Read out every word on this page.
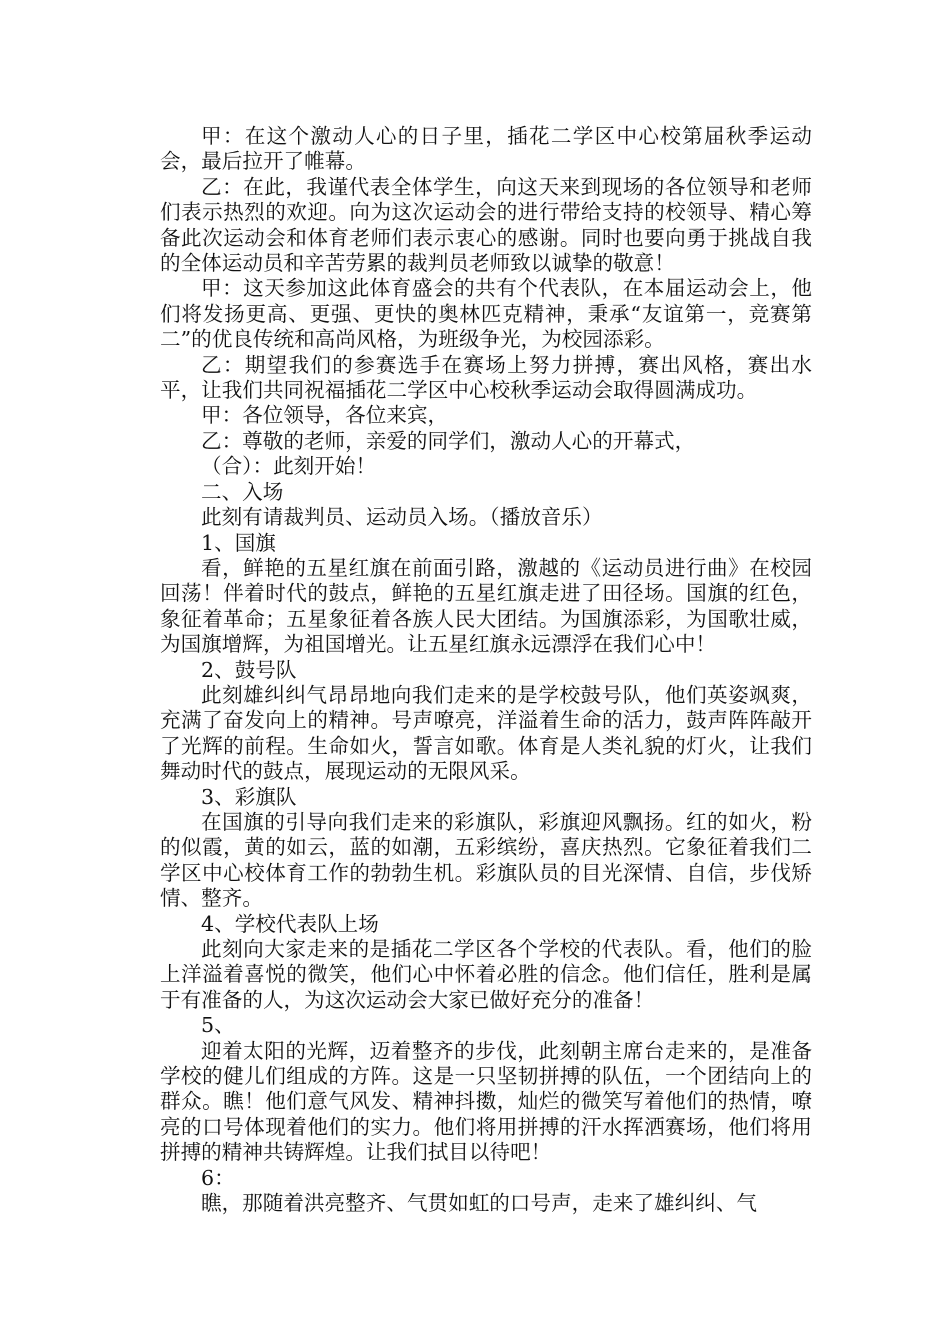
甲：在这个激动人心的日子里，插花二学区中心校第届秋季运动会，最后拉开了帷幕。

乙：在此，我谨代表全体学生，向这天来到现场的各位领导和老师们表示热烈的欢迎。向为这次运动会的进行带给支持的校领导、精心筹备此次运动会和体育老师们表示衷心的感谢。同时也要向勇于挑战自我的全体运动员和辛苦劳累的裁判员老师致以诚挚的敬意！

甲：这天参加这此体育盛会的共有个代表队，在本届运动会上，他们将发扬更高、更强、更快的奥林匹克精神，秉承“友谊第一，竞赛第二”的优良传统和高尚风格，为班级争光，为校园添彩。

乙：期望我们的参赛选手在赛场上努力拼搏，赛出风格，赛出水平，让我们共同祝福插花二学区中心校秋季运动会取得圆满成功。

甲：各位领导，各位来宾，

乙：尊敬的老师，亲爱的同学们，激动人心的开幕式，

（合）：此刻开始！

二、入场

此刻有请裁判员、运动员入场。（播放音乐）

1、国旗

看，鲜艳的五星红旗在前面引路，激越的《运动员进行曲》在校园回荡！伴着时代的鼓点，鲜艳的五星红旗走进了田径场。国旗的红色，象征着革命；五星象征着各族人民大团结。为国旗添彩，为国歌壮威，为国旗增辉，为祖国增光。让五星红旗永远漂浮在我们心中！

2、鼓号队

此刻雄纠纠气昂昂地向我们走来的是学校鼓号队，他们英姿飒爽，充满了奋发向上的精神。号声嘹亮，洋溢着生命的活力，鼓声阵阵敲开了光辉的前程。生命如火，誓言如歌。体育是人类礼貌的灯火，让我们舞动时代的鼓点，展现运动的无限风采。

3、彩旗队

在国旗的引导向我们走来的彩旗队，彩旗迎风飘扬。红的如火，粉的似霞，黄的如云，蓝的如潮，五彩缤纷，喜庆热烈。它象征着我们二学区中心校体育工作的勃勃生机。彩旗队员的目光深情、自信，步伐矫情、整齐。

4、学校代表队上场

此刻向大家走来的是插花二学区各个学校的代表队。看，他们的脸上洋溢着喜悦的微笑，他们心中怀着必胜的信念。他们信任，胜利是属于有准备的人，为这次运动会大家已做好充分的准备！

5、

迎着太阳的光辉，迈着整齐的步伐，此刻朝主席台走来的，是准备学校的健儿们组成的方阵。这是一只坚韧拼搏的队伍，一个团结向上的群众。瞧！他们意气风发、精神抖擞，灿烂的微笑写着他们的热情，嘹亮的口号体现着他们的实力。他们将用拼搏的汗水挥洒赛场，他们将用拼搏的精神共铸辉煌。让我们拭目以待吧！

6：

瞧，那随着洪亮整齐、气贯如虹的口号声，走来了雄纠纠、气
